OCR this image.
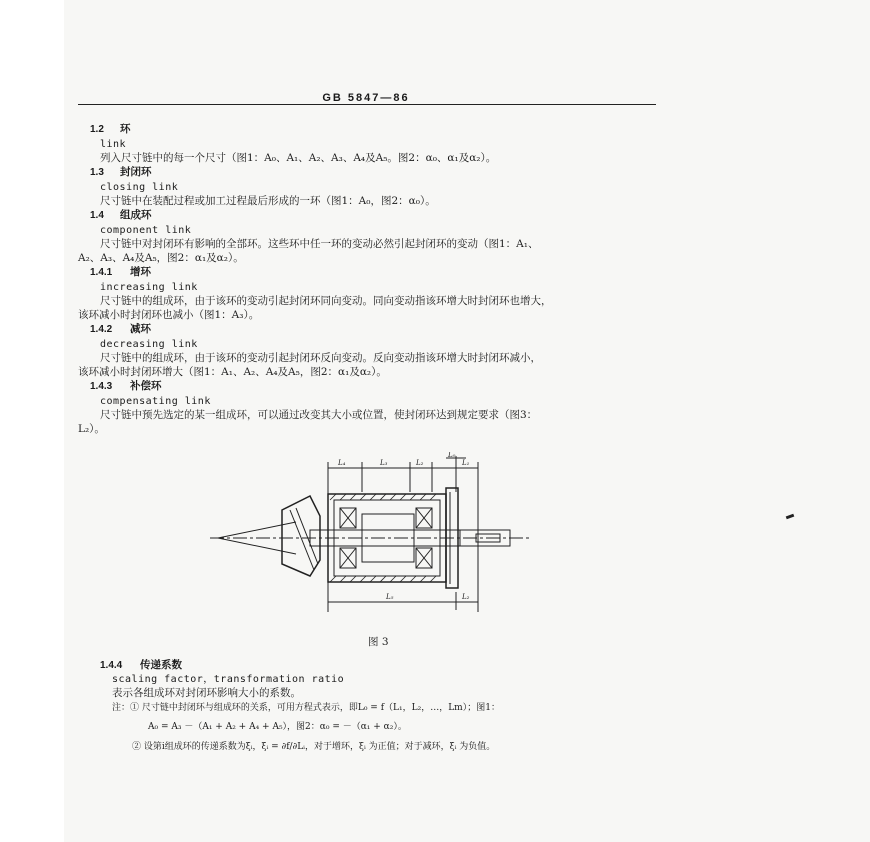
GB 5847—86
1.2 环
link
列入尺寸链中的每一个尺寸（图1：A₀、A₁、A₂、A₃、A₄及A₅。图2：α₀、α₁及α₂）。
1.3 封闭环
closing link
尺寸链中在装配过程或加工过程最后形成的一环（图1：A₀，图2：α₀）。
1.4 组成环
component link
尺寸链中对封闭环有影响的全部环。这些环中任一环的变动必然引起封闭环的变动（图1：A₁、
A₂、A₃、A₄及A₅，图2：α₁及α₂）。
1.4.1 增环
increasing link
尺寸链中的组成环，由于该环的变动引起封闭环同向变动。同向变动指该环增大时封闭环也增大，
该环减小时封闭环也减小（图1：A₃）。
1.4.2 减环
decreasing link
尺寸链中的组成环，由于该环的变动引起封闭环反向变动。反向变动指该环增大时封闭环减小，
该环减小时封闭环增大（图1：A₁、A₂、A₄及A₅，图2：α₁及α₂）。
1.4.3 补偿环
compensating link
尺寸链中预先选定的某一组成环，可以通过改变其大小或位置，使封闭环达到规定要求（图3：
L₂）。
L₄	L₃	L₂
L₀
L₁
L₅	L₂
图 3
1.4.4 传递系数
scaling factor，transformation ratio
表示各组成环对封闭环影响大小的系数。
注：① 尺寸链中封闭环与组成环的关系，可用方程式表示，即L₀ = f（L₁，L₂，…，Lm）；图1：
A₀ = A₃ －（A₁ + A₂ + A₄ + A₅），图2：α₀ = －（α₁ + α₂）。
② 设第i组成环的传递系数为ξᵢ，ξᵢ = ∂f/∂Lᵢ，对于增环，ξᵢ 为正值；对于减环，ξᵢ 为负值。
